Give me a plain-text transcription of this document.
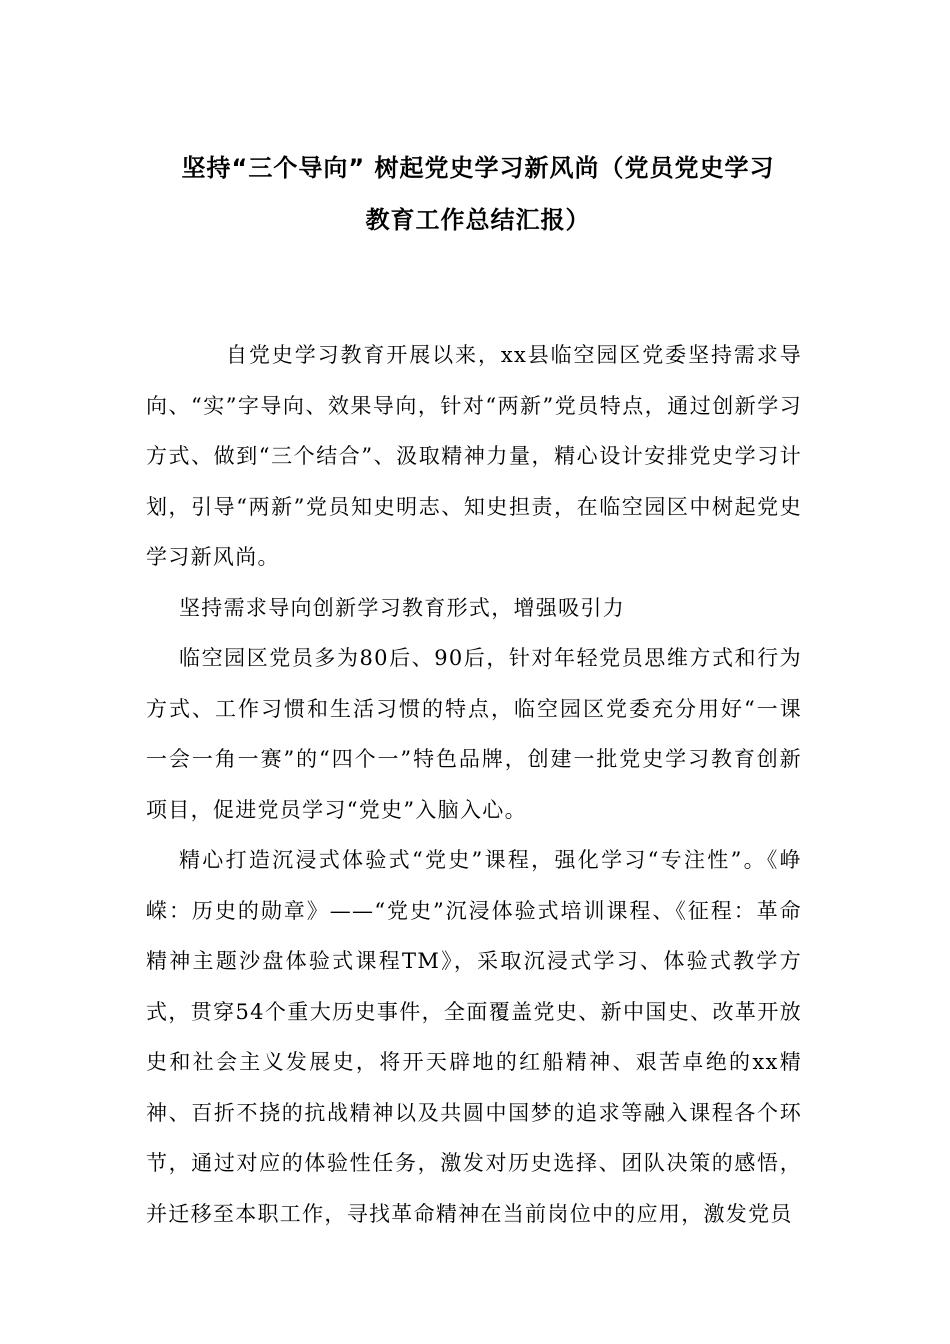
坚持“三个导向” 树起党史学习新风尚（党员党史学习
教育工作总结汇报）

自党史学习教育开展以来，xx县临空园区党委坚持需求导向、“实”字导向、效果导向，针对“两新”党员特点，通过创新学习方式、做到“三个结合”、汲取精神力量，精心设计安排党史学习计划，引导“两新”党员知史明志、知史担责，在临空园区中树起党史学习新风尚。

坚持需求导向创新学习教育形式，增强吸引力

临空园区党员多为80后、90后，针对年轻党员思维方式和行为方式、工作习惯和生活习惯的特点，临空园区党委充分用好“一课一会一角一赛”的“四个一”特色品牌，创建一批党史学习教育创新项目，促进党员学习“党史”入脑入心。

精心打造沉浸式体验式“党史”课程，强化学习“专注性”。《峥嵘：历史的勋章》——“党史”沉浸体验式培训课程、《征程：革命精神主题沙盘体验式课程TM》，采取沉浸式学习、体验式教学方式，贯穿54个重大历史事件，全面覆盖党史、新中国史、改革开放史和社会主义发展史，将开天辟地的红船精神、艰苦卓绝的xx精神、百折不挠的抗战精神以及共圆中国梦的追求等融入课程各个环节，通过对应的体验性任务，激发对历史选择、团队决策的感悟，并迁移至本职工作，寻找革命精神在当前岗位中的应用，激发党员
